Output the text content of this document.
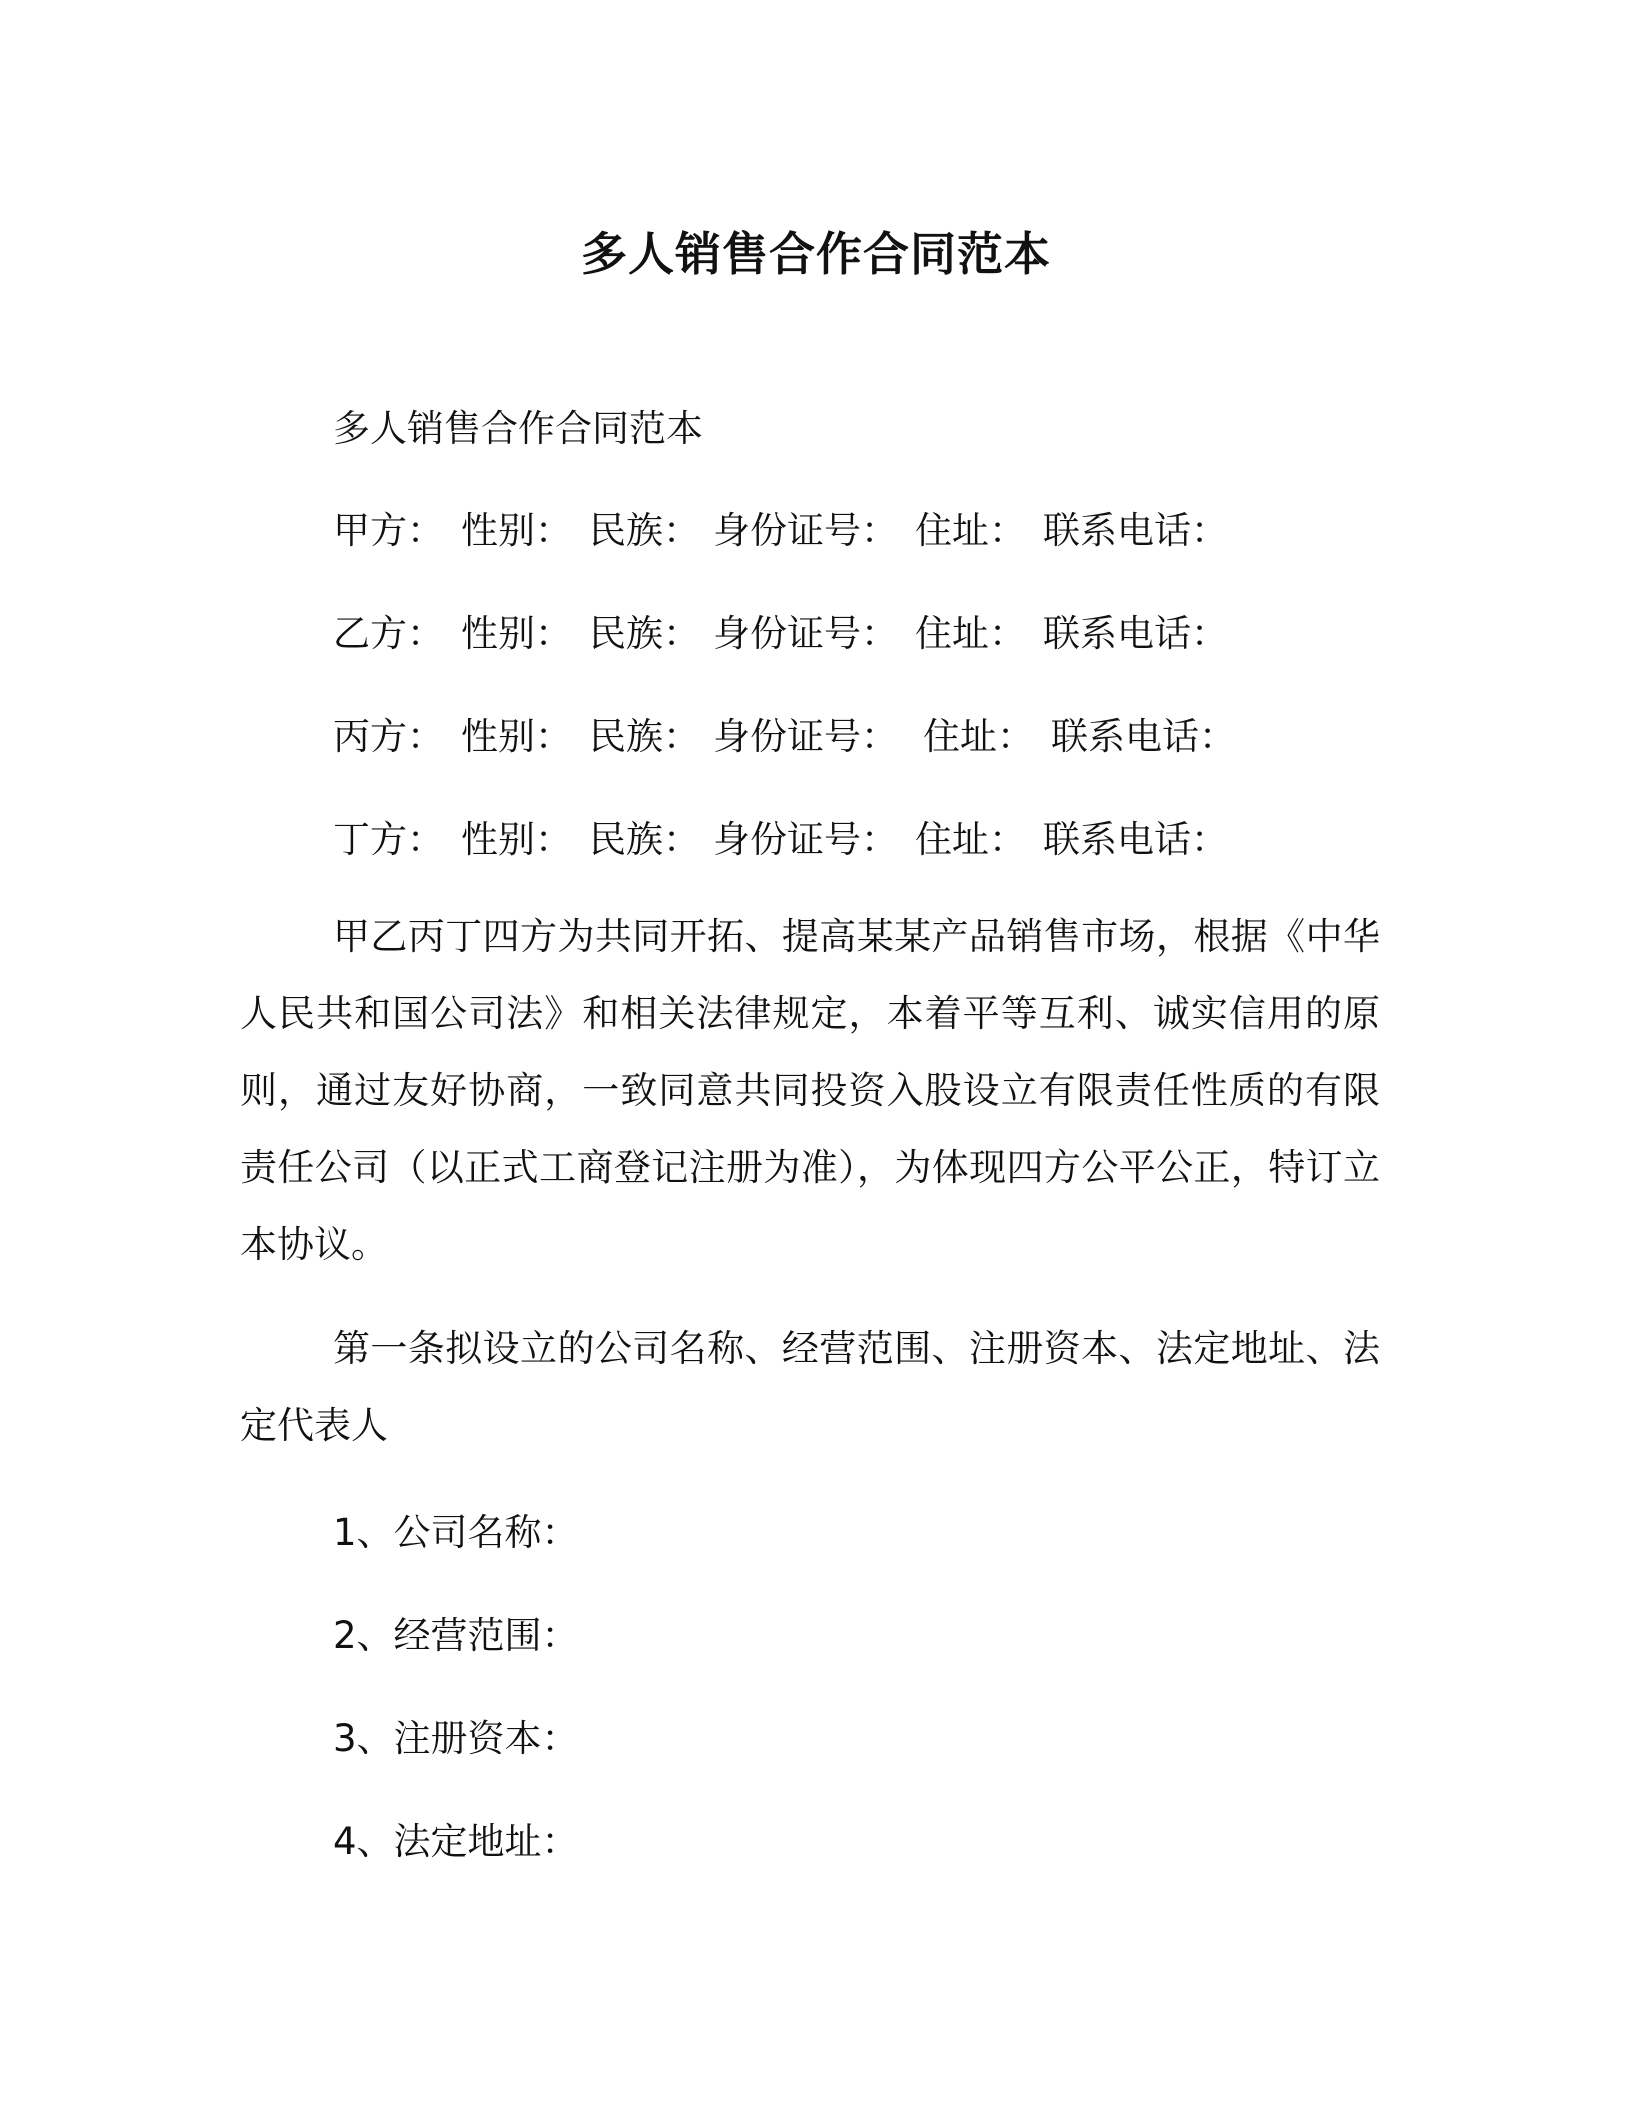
多人销售合作合同范本
多人销售合作合同范本
甲方： 性别： 民族： 身份证号： 住址： 联系电话：
乙方： 性别： 民族： 身份证号： 住址： 联系电话：
丙方： 性别： 民族： 身份证号： 住址： 联系电话：
丁方： 性别： 民族： 身份证号： 住址： 联系电话：
甲乙丙丁四方为共同开拓、提高某某产品销售市场，根据《中华人民共和国公司法》和相关法律规定，本着平等互利、诚实信用的原则，通过友好协商，一致同意共同投资入股设立有限责任性质的有限责任公司（以正式工商登记注册为准），为体现四方公平公正，特订立本协议。
第一条拟设立的公司名称、经营范围、注册资本、法定地址、法定代表人
1、公司名称：
2、经营范围：
3、注册资本：
4、法定地址：
